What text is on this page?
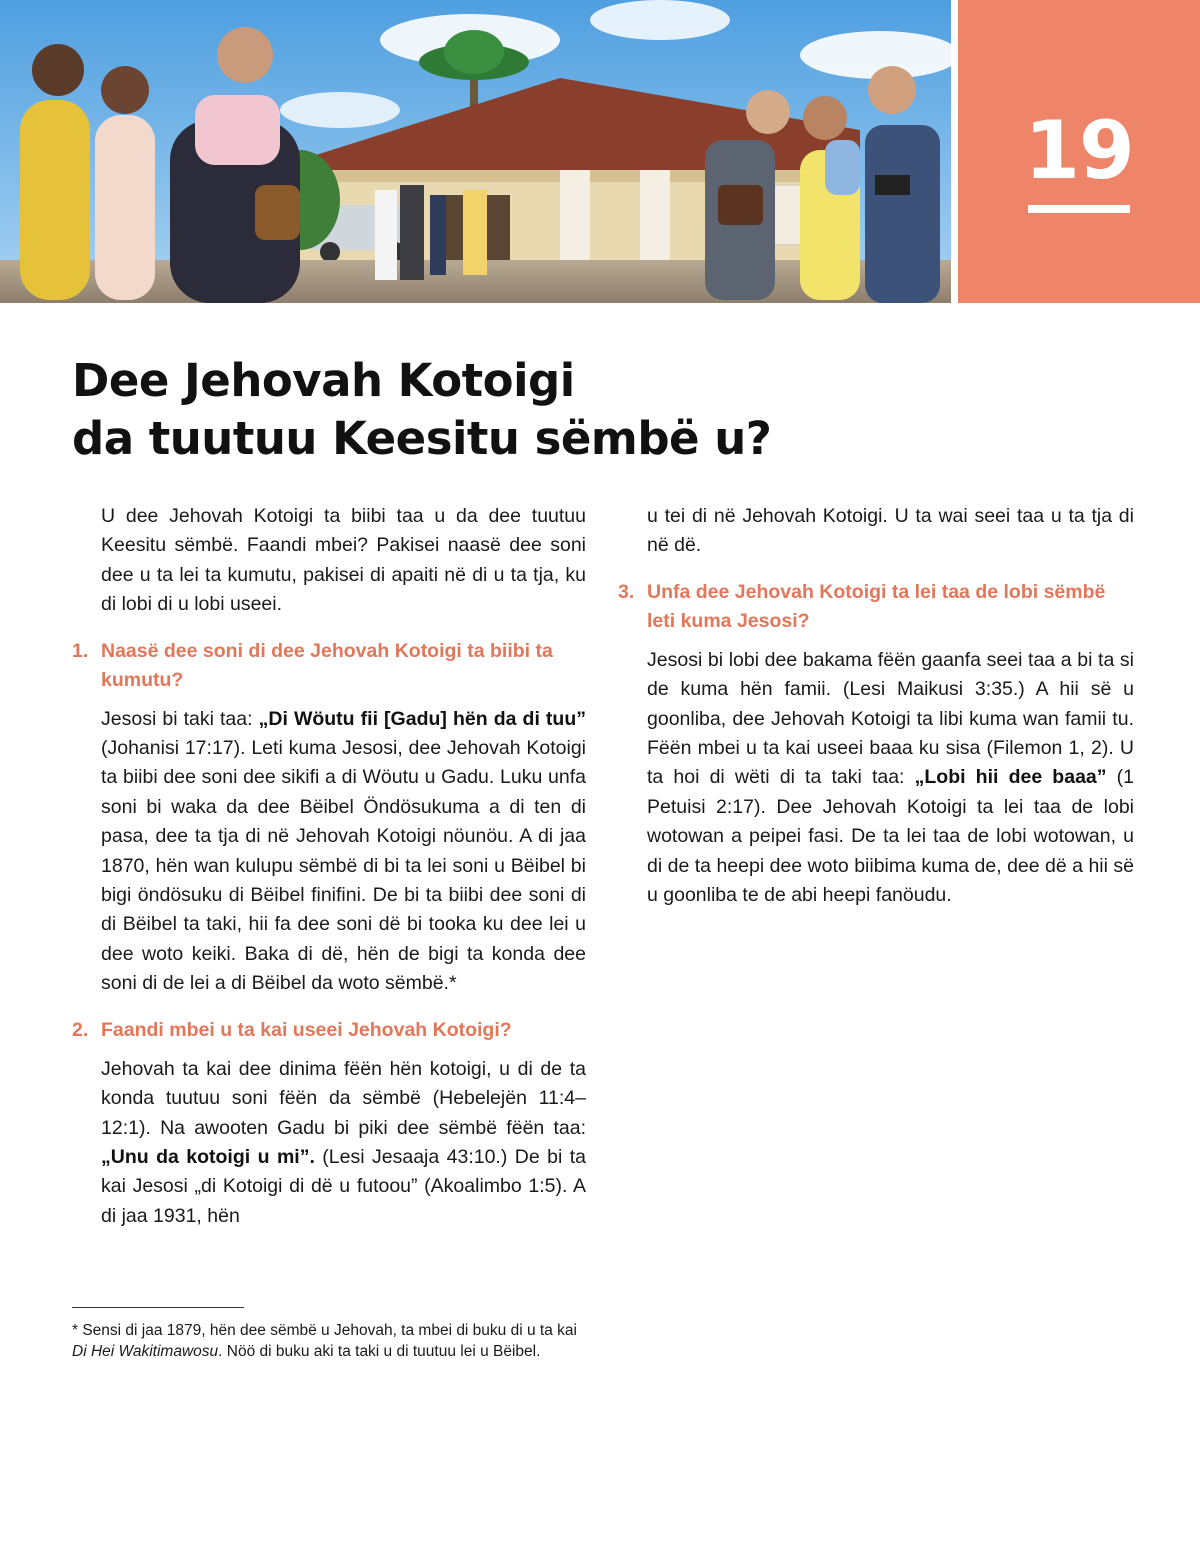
19
Dee Jehovah Kotoigi
da tuutuu Keesitu sëmbë u?

U dee Jehovah Kotoigi ta biibi taa u da dee tuutuu Keesitu sëmbë. Faandi mbei? Pakisei naasë dee soni dee u ta lei ta kumutu, pakisei di apaiti në di u ta tja, ku di lobi di u lobi useei.

1. Naasë dee soni di dee Jehovah Kotoigi ta biibi ta kumutu?

Jesosi bi taki taa: „Di Wöutu fii [Gadu] hën da di tuu” (Johanisi 17:17). Leti kuma Jesosi, dee Jehovah Kotoigi ta biibi dee soni dee sikifi a di Wöutu u Gadu. Luku unfa soni bi waka da dee Bëibel Öndösukuma a di ten di pasa, dee ta tja di në Jehovah Kotoigi nöunöu. A di jaa 1870, hën wan kulupu sëmbë di bi ta lei soni u Bëibel bi bigi öndösuku di Bëibel finifini. De bi ta biibi dee soni di di Bëibel ta taki, hii fa dee soni dë bi tooka ku dee lei u dee woto keiki. Baka di dë, hën de bigi ta konda dee soni di de lei a di Bëibel da woto sëmbë.*

2. Faandi mbei u ta kai useei Jehovah Kotoigi?

Jehovah ta kai dee dinima fëën hën kotoigi, u di de ta konda tuutuu soni fëën da sëmbë (Hebelejën 11:4–12:1). Na awooten Gadu bi piki dee sëmbë fëën taa: „Unu da kotoigi u mi”. (Lesi Jesaaja 43:10.) De bi ta kai Jesosi „di Kotoigi di dë u futoou” (Akoalimbo 1:5). A di jaa 1931, hën

u tei di në Jehovah Kotoigi. U ta wai seei taa u ta tja di në dë.

3. Unfa dee Jehovah Kotoigi ta lei taa de lobi sëmbë leti kuma Jesosi?

Jesosi bi lobi dee bakama fëën gaanfa seei taa a bi ta si de kuma hën famii. (Lesi Maikusi 3:35.) A hii së u goonliba, dee Jehovah Kotoigi ta libi kuma wan famii tu. Fëën mbei u ta kai useei baaa ku sisa (Filemon 1, 2). U ta hoi di wëti di ta taki taa: „Lobi hii dee baaa” (1 Petuisi 2:17). Dee Jehovah Kotoigi ta lei taa de lobi wotowan a peipei fasi. De ta lei taa de lobi wotowan, u di de ta heepi dee woto biibima kuma de, dee dë a hii së u goonliba te de abi heepi fanöudu.

* Sensi di jaa 1879, hën dee sëmbë u Jehovah, ta mbei di buku di u ta kai Di Hei Wakitimawosu. Nöö di buku aki ta taki u di tuutuu lei u Bëibel.
